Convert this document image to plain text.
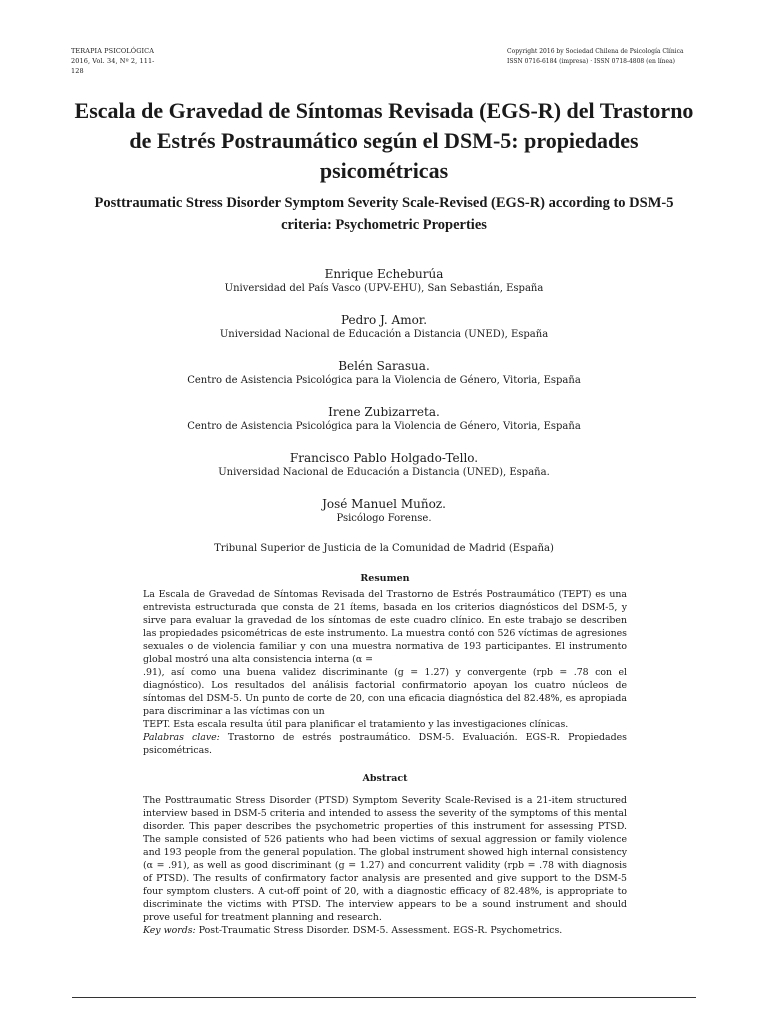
TERAPIA PSICOLÓGICA
2016, Vol. 34, Nº 2, 111-128
Copyright 2016 by Sociedad Chilena de Psicología Clínica
ISSN 0716-6184 (impresa) · ISSN 0718-4808 (en línea)
Escala de Gravedad de Síntomas Revisada (EGS-R) del Trastorno de Estrés Postraumático según el DSM-5: propiedades psicométricas
Posttraumatic Stress Disorder Symptom Severity Scale-Revised (EGS-R) according to DSM-5 criteria: Psychometric Properties

Enrique Echeburúa

Universidad del País Vasco (UPV-EHU), San Sebastián, España

Pedro J. Amor.

Universidad Nacional de Educación a Distancia (UNED), España

Belén Sarasua.

Centro de Asistencia Psicológica para la Violencia de Género, Vitoria, España

Irene Zubizarreta.

Centro de Asistencia Psicológica para la Violencia de Género, Vitoria, España

Francisco Pablo Holgado-Tello.

Universidad Nacional de Educación a Distancia (UNED), España.

José Manuel Muñoz.

Psicólogo Forense.

Tribunal Superior de Justicia de la Comunidad de Madrid (España)

Resumen

La Escala de Gravedad de Síntomas Revisada del Trastorno de Estrés Postraumático (TEPT) es una entrevista estructurada que consta de 21 ítems, basada en los criterios diagnósticos del DSM-5, y sirve para evaluar la gravedad de los síntomas de este cuadro clínico. En este trabajo se describen las propiedades psicométricas de este instrumento. La muestra contó con 526 víctimas de agresiones sexuales o de violencia familiar y con una muestra normativa de 193 participantes. El instrumento global mostró una alta consistencia interna (α =

.91), así como una buena validez discriminante (g = 1.27) y convergente (rpb = .78 con el diagnóstico). Los resultados del análisis factorial confirmatorio apoyan los cuatro núcleos de síntomas del DSM-5. Un punto de corte de 20, con una eficacia diagnóstica del 82.48%, es apropiada para discriminar a las víctimas con un

TEPT. Esta escala resulta útil para planificar el tratamiento y las investigaciones clínicas.

Palabras clave: Trastorno de estrés postraumático. DSM-5. Evaluación. EGS-R. Propiedades psicométricas.

Abstract

The Posttraumatic Stress Disorder (PTSD) Symptom Severity Scale-Revised is a 21-item structured interview based in DSM-5 criteria and intended to assess the severity of the symptoms of this mental disorder. This paper describes the psychometric properties of this instrument for assessing PTSD. The sample consisted of 526 patients who had been victims of sexual aggression or family violence and 193 people from the general population. The global instrument showed high internal consistency (α = .91), as well as good discriminant (g = 1.27) and concurrent validity (rpb = .78 with diagnosis of PTSD). The results of confirmatory factor analysis are presented and give support to the DSM-5 four symptom clusters. A cut-off point of 20, with a diagnostic efficacy of 82.48%, is appropriate to discriminate the victims with PTSD. The interview appears to be a sound instrument and should prove useful for treatment planning and research.

Key words: Post-Traumatic Stress Disorder. DSM-5. Assessment. EGS-R. Psychometrics.
